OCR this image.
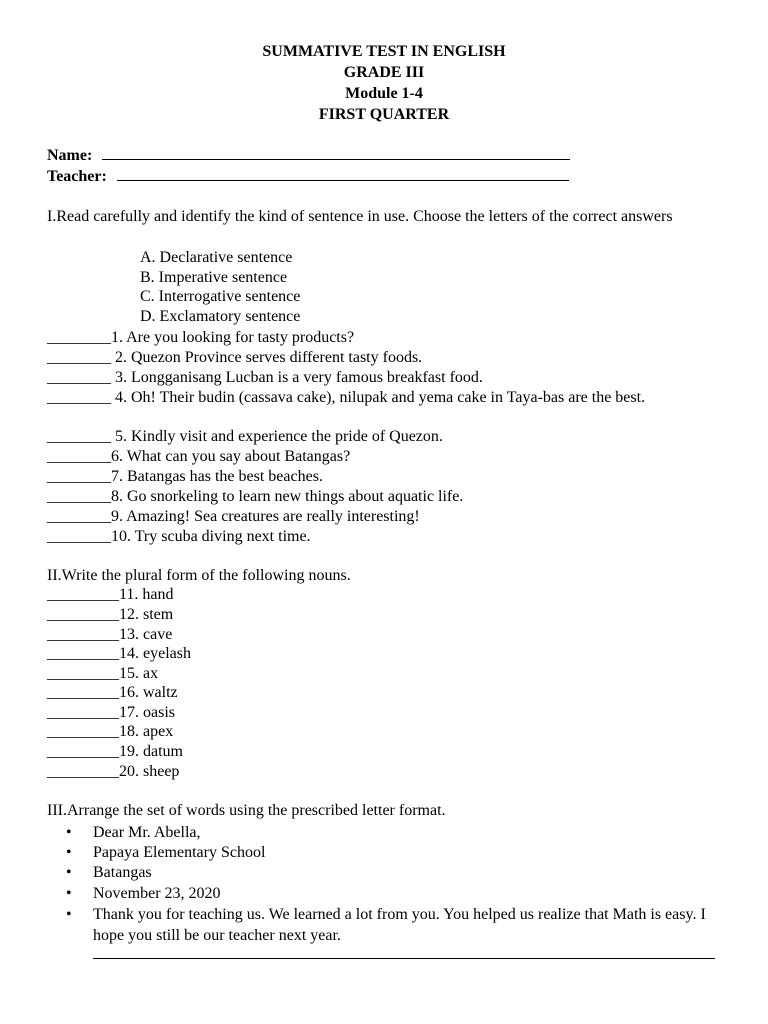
SUMMATIVE TEST IN ENGLISH
GRADE III
Module 1-4
FIRST QUARTER
Name:
Teacher:
I.Read carefully and identify the kind of sentence in use. Choose the letters of the correct answers
A. Declarative sentence
B. Imperative sentence
C. Interrogative sentence
D. Exclamatory sentence
________1. Are you looking for tasty products?
________ 2. Quezon Province serves different tasty foods.
________ 3. Longganisang Lucban is a very famous breakfast food.
________ 4. Oh! Their budin (cassava cake), nilupak and yema cake in Taya-bas are the best.
________ 5. Kindly visit and experience the pride of Quezon.
________6. What can you say about Batangas?
________7. Batangas has the best beaches.
________8. Go snorkeling to learn new things about aquatic life.
________9. Amazing! Sea creatures are really interesting!
________10. Try scuba diving next time.
II.Write the plural form of the following nouns.
_________11. hand
_________12. stem
_________13. cave
_________14. eyelash
_________15. ax
_________16. waltz
_________17. oasis
_________18. apex
_________19. datum
_________20. sheep
III.Arrange the set of words using the prescribed letter format.
•	Dear Mr. Abella,
•	Papaya Elementary School
•	Batangas
•	November 23, 2020
•	Thank you for teaching us. We learned a lot from you. You helped us realize that Math is easy. I hope you still be our teacher next year.
